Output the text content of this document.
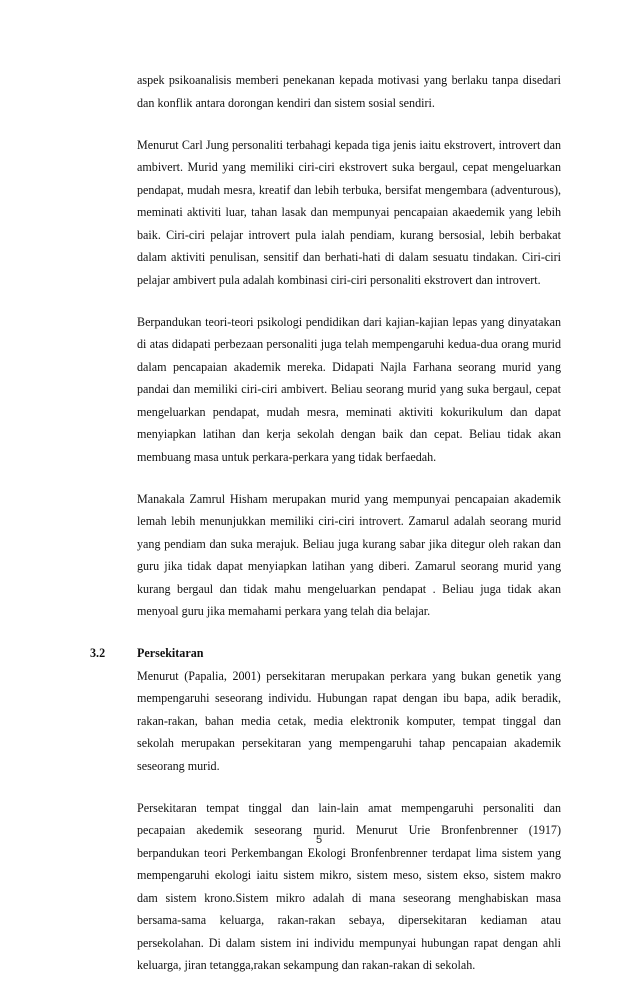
aspek psikoanalisis memberi penekanan kepada motivasi yang berlaku tanpa disedari dan konflik antara dorongan kendiri dan sistem sosial sendiri.

Menurut Carl Jung personaliti terbahagi kepada tiga jenis iaitu ekstrovert, introvert dan ambivert. Murid yang memiliki ciri-ciri ekstrovert suka bergaul, cepat mengeluarkan pendapat, mudah mesra, kreatif dan lebih terbuka, bersifat mengembara (adventurous), meminati aktiviti luar, tahan lasak dan mempunyai pencapaian akaedemik yang lebih baik. Ciri-ciri pelajar introvert pula ialah pendiam, kurang bersosial, lebih berbakat dalam aktiviti penulisan, sensitif dan berhati-hati di dalam sesuatu tindakan. Ciri-ciri pelajar ambivert pula adalah kombinasi ciri-ciri personaliti ekstrovert dan introvert.

Berpandukan teori-teori psikologi pendidikan dari kajian-kajian lepas yang dinyatakan di atas didapati perbezaan personaliti juga telah mempengaruhi kedua-dua orang murid dalam pencapaian akademik mereka. Didapati Najla Farhana seorang murid yang pandai dan memiliki ciri-ciri ambivert. Beliau seorang murid yang suka bergaul, cepat mengeluarkan pendapat, mudah mesra, meminati aktiviti kokurikulum dan dapat menyiapkan latihan dan kerja sekolah dengan baik dan cepat. Beliau tidak akan membuang masa untuk perkara-perkara yang tidak berfaedah.

Manakala Zamrul Hisham merupakan murid yang mempunyai pencapaian akademik lemah lebih menunjukkan memiliki ciri-ciri introvert. Zamarul adalah seorang murid yang pendiam dan suka merajuk. Beliau juga kurang sabar jika ditegur oleh rakan dan guru jika tidak dapat menyiapkan latihan yang diberi. Zamarul seorang murid yang kurang bergaul dan tidak mahu mengeluarkan pendapat . Beliau juga tidak akan menyoal guru jika memahami perkara yang telah dia belajar.

3.2	Persekitaran

Menurut (Papalia, 2001) persekitaran merupakan perkara yang bukan genetik yang mempengaruhi seseorang individu. Hubungan rapat dengan ibu bapa, adik beradik, rakan-rakan, bahan media cetak, media elektronik komputer, tempat tinggal dan sekolah merupakan persekitaran yang mempengaruhi tahap pencapaian akademik seseorang murid.

Persekitaran tempat tinggal dan lain-lain amat mempengaruhi personaliti dan pecapaian akedemik seseorang murid. Menurut Urie Bronfenbrenner (1917) berpandukan teori Perkembangan Ekologi Bronfenbrenner terdapat lima sistem yang mempengaruhi ekologi iaitu sistem mikro, sistem meso, sistem ekso, sistem makro dam sistem krono.Sistem mikro adalah di mana seseorang menghabiskan masa bersama-sama keluarga, rakan-rakan sebaya, dipersekitaran kediaman atau persekolahan. Di dalam sistem ini individu mempunyai hubungan rapat dengan ahli keluarga, jiran tetangga,rakan sekampung dan rakan-rakan di sekolah.

5
